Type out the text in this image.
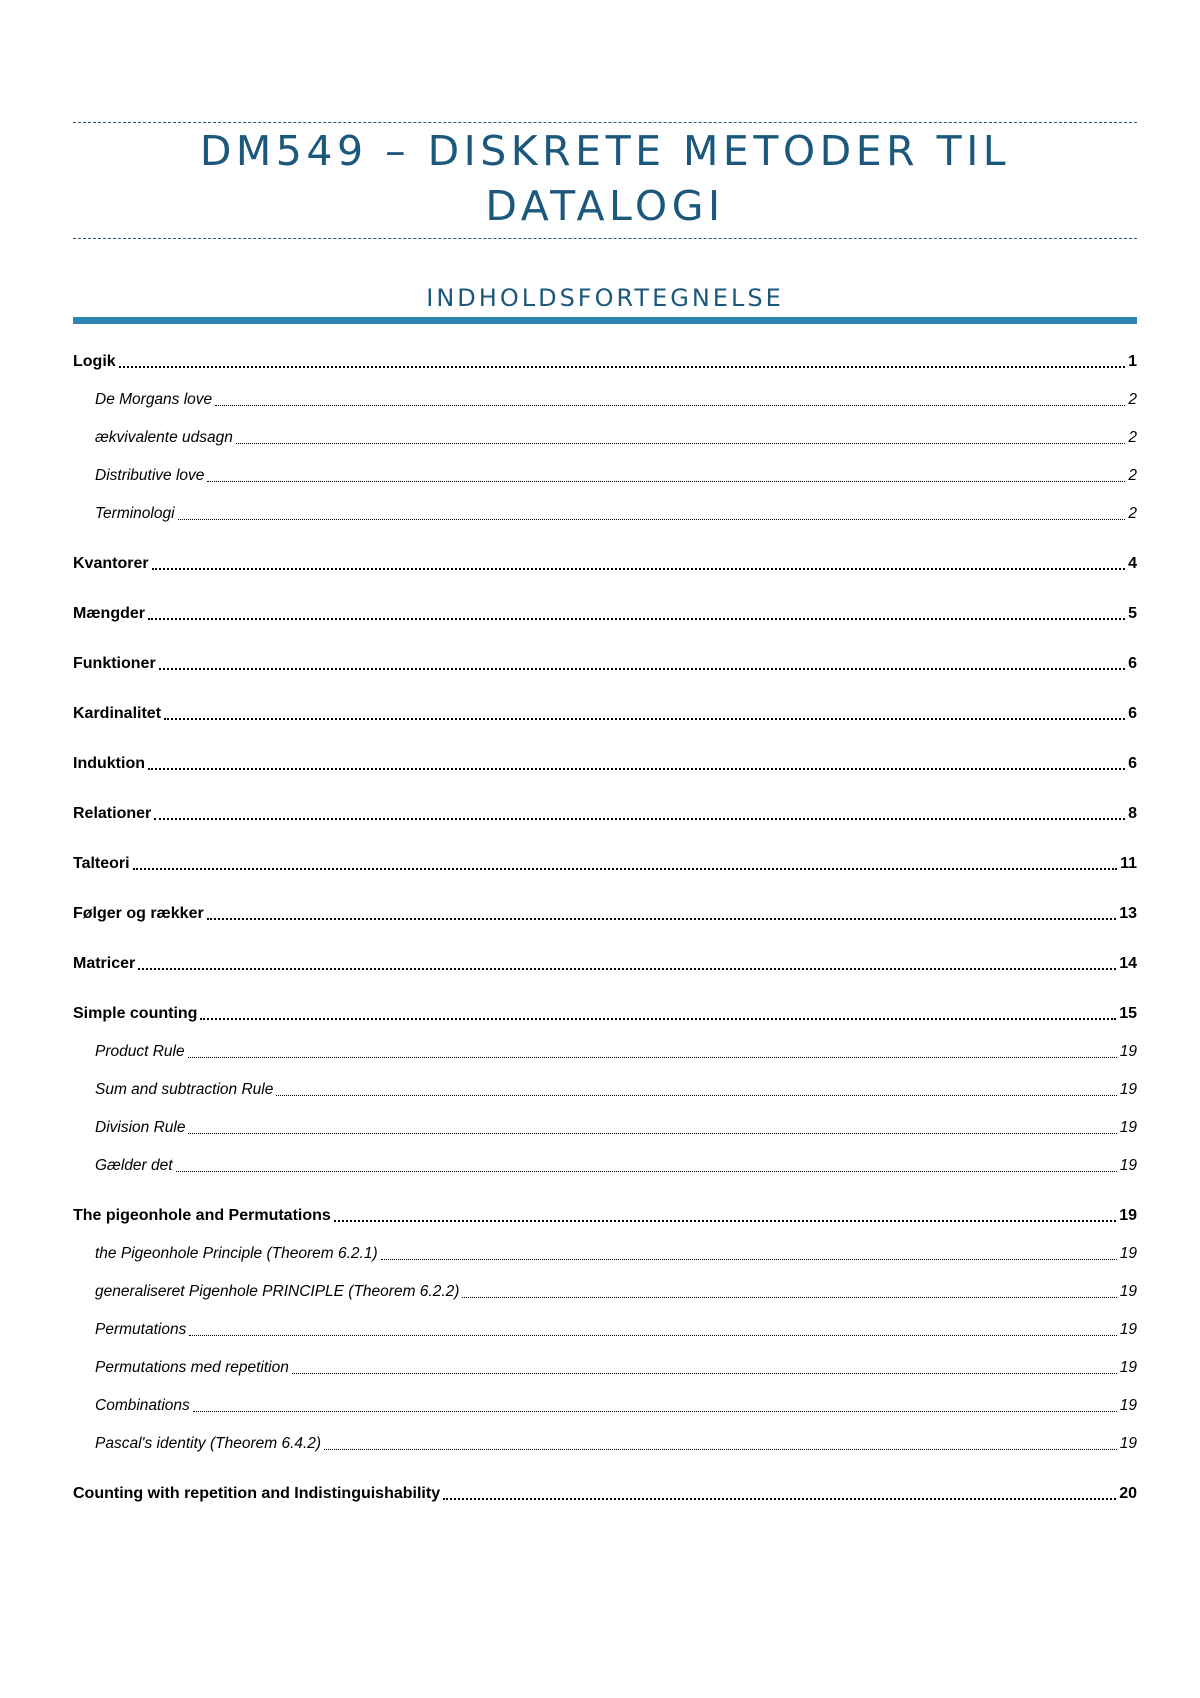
DM549 – DISKRETE METODER TIL DATALOGI
INDHOLDSFORTEGNELSE
Logik	1
De Morgans love	2
ækvivalente udsagn	2
Distributive love	2
Terminologi	2
Kvantorer	4
Mængder	5
Funktioner	6
Kardinalitet	6
Induktion	6
Relationer	8
Talteori	11
Følger og rækker	13
Matricer	14
Simple counting	15
Product Rule	19
Sum and subtraction Rule	19
Division Rule	19
Gælder det	19
The pigeonhole and Permutations	19
the Pigeonhole Principle (Theorem 6.2.1)	19
generaliseret Pigenhole PRINCIPLE (Theorem 6.2.2)	19
Permutations	19
Permutations med repetition	19
Combinations	19
Pascal's identity (Theorem 6.4.2)	19
Counting with repetition and Indistinguishability	20
